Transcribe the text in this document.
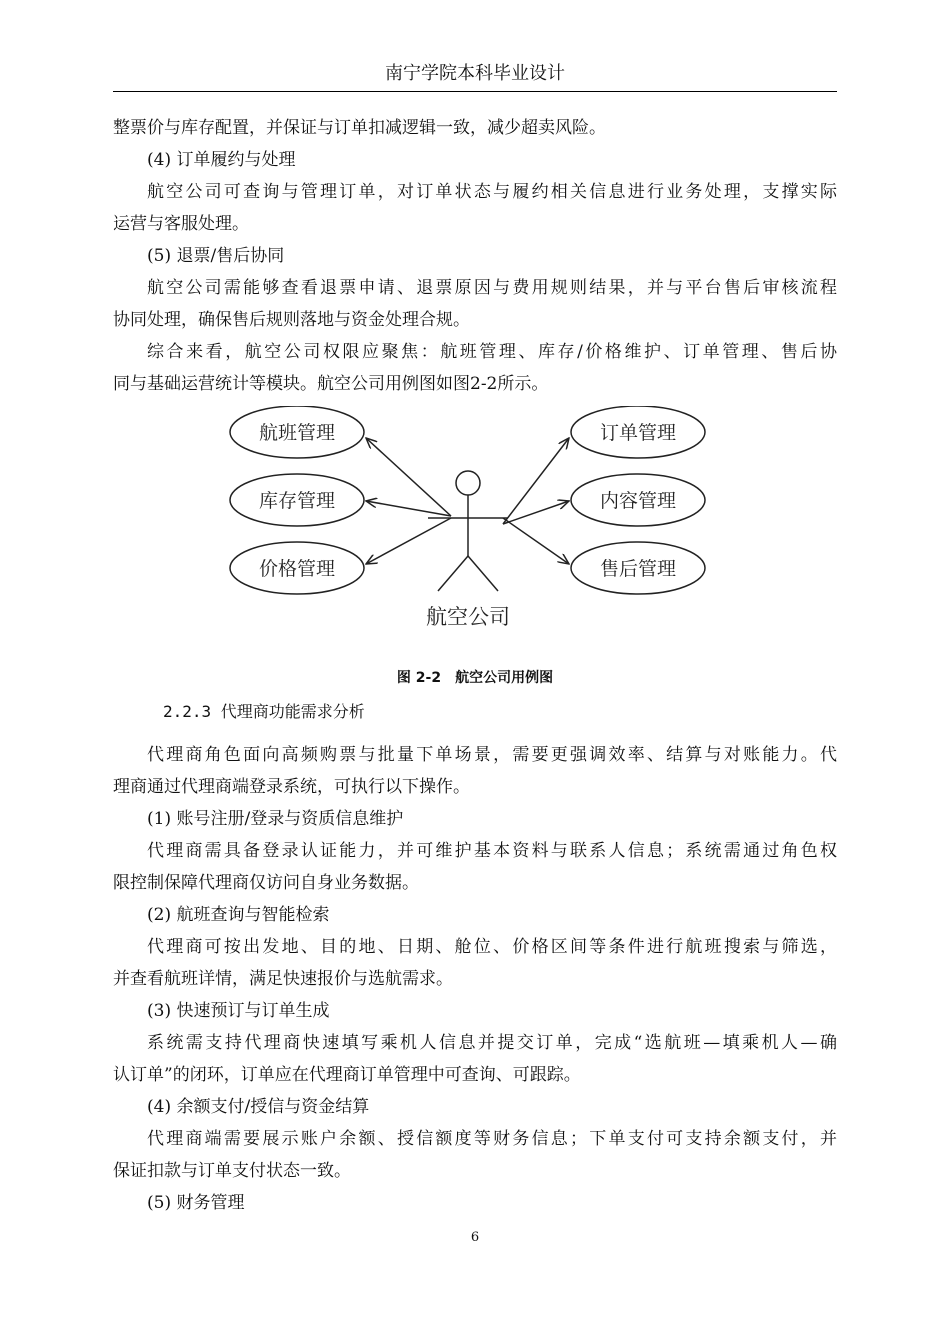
南宁学院本科毕业设计
整票价与库存配置，并保证与订单扣减逻辑一致，减少超卖风险。
(4) 订单履约与处理
航空公司可查询与管理订单，对订单状态与履约相关信息进行业务处理，支撑实际
运营与客服处理。
(5) 退票/售后协同
航空公司需能够查看退票申请、退票原因与费用规则结果，并与平台售后审核流程
协同处理，确保售后规则落地与资金处理合规。
综合来看，航空公司权限应聚焦：航班管理、库存/价格维护、订单管理、售后协
同与基础运营统计等模块。航空公司用例图如图2-2所示。
航班管理
库存管理
价格管理
订单管理
内容管理
售后管理
航空公司
图 2-2　航空公司用例图
2.2.3 代理商功能需求分析
代理商角色面向高频购票与批量下单场景，需要更强调效率、结算与对账能力。代
理商通过代理商端登录系统，可执行以下操作。
(1) 账号注册/登录与资质信息维护
代理商需具备登录认证能力，并可维护基本资料与联系人信息；系统需通过角色权
限控制保障代理商仅访问自身业务数据。
(2) 航班查询与智能检索
代理商可按出发地、目的地、日期、舱位、价格区间等条件进行航班搜索与筛选，
并查看航班详情，满足快速报价与选航需求。
(3) 快速预订与订单生成
系统需支持代理商快速填写乘机人信息并提交订单，完成“选航班—填乘机人—确
认订单”的闭环，订单应在代理商订单管理中可查询、可跟踪。
(4) 余额支付/授信与资金结算
代理商端需要展示账户余额、授信额度等财务信息；下单支付可支持余额支付，并
保证扣款与订单支付状态一致。
(5) 财务管理
6
